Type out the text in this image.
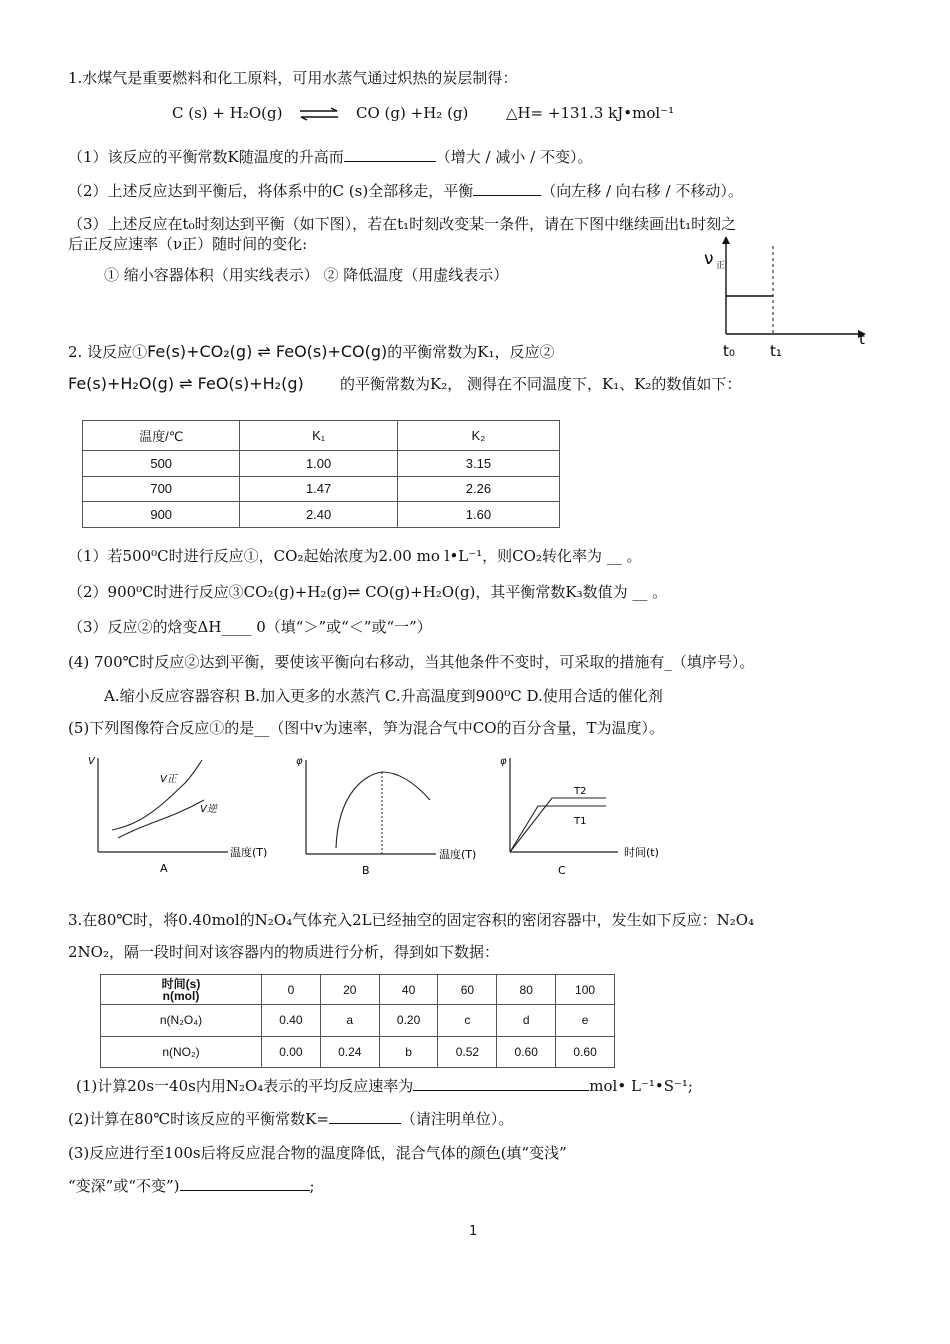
1.水煤气是重要燃料和化工原料，可用水蒸气通过炽热的炭层制得：
C (s) + H₂O(g) ⇌ CO (g) +H₂ (g)	△H= +131.3 kJ•mol⁻¹
（1）该反应的平衡常数K随温度的升高而	（增大 / 减小 / 不变）。
（2）上述反应达到平衡后，将体系中的C (s)全部移走，平衡	（向左移 / 向右移 / 不移动）。
（3）上述反应在t₀时刻达到平衡（如下图），若在t₁时刻改变某一条件，请在下图中继续画出t₁时刻之
后正反应速率（ν正）随时间的变化:
① 缩小容器体积（用实线表示） ② 降低温度（用虚线表示）
ν 正
t
t₀ t₁
2. 设反应①Fe(s)+CO₂(g) ⇌ FeO(s)+CO(g)的平衡常数为K₁，反应②
Fe(s)+H₂O(g) ⇌ FeO(s)+H₂(g) 的平衡常数为K₂， 测得在不同温度下，K₁、K₂的数值如下：
温度/℃	K₁	K₂
500	1.00	3.15
700	1.47	2.26
900	2.40	1.60
（1）若500⁰C时进行反应①，CO₂起始浓度为2.00 mo l•L⁻¹，则CO₂转化率为 __ 。
（2）900⁰C时进行反应③CO₂(g)+H₂(g)⇌ CO(g)+H₂O(g)，其平衡常数K₃数值为 __ 。
（3）反应②的焓变ΔH____ 0（填“＞”或“＜”或“一”）
(4) 700℃时反应②达到平衡，要使该平衡向右移动，当其他条件不变时，可采取的措施有_（填序号）。
A.缩小反应容器容积 B.加入更多的水蒸汽 C.升高温度到900⁰C D.使用合适的催化剂
(5)下列图像符合反应①的是__（图中v为速率，笋为混合气中CO的百分含量，T为温度）。
V
V正
V逆
温度(T)
A
φ
温度(T)
B
φ
T2
T1
时间(t)
C
3.在80℃时，将0.40mol的N₂O₄气体充入2L已经抽空的固定容积的密闭容器中，发生如下反应：N₂O₄
2NO₂，隔一段时间对该容器内的物质进行分析，得到如下数据：
时间(s)
n(mol)	0	20	40	60	80	100
n(N₂O₄)	0.40	a	0.20	c	d	e
n(NO₂)	0.00	0.24	b	0.52	0.60	0.60
(1)计算20s一40s内用N₂O₄表示的平均反应速率为	mol• L⁻¹•S⁻¹;
(2)计算在80℃时该反应的平衡常数K=	（请注明单位）。
(3)反应进行至100s后将反应混合物的温度降低，混合气体的颜色(填“变浅”
“变深”或“不变”)	;
1
